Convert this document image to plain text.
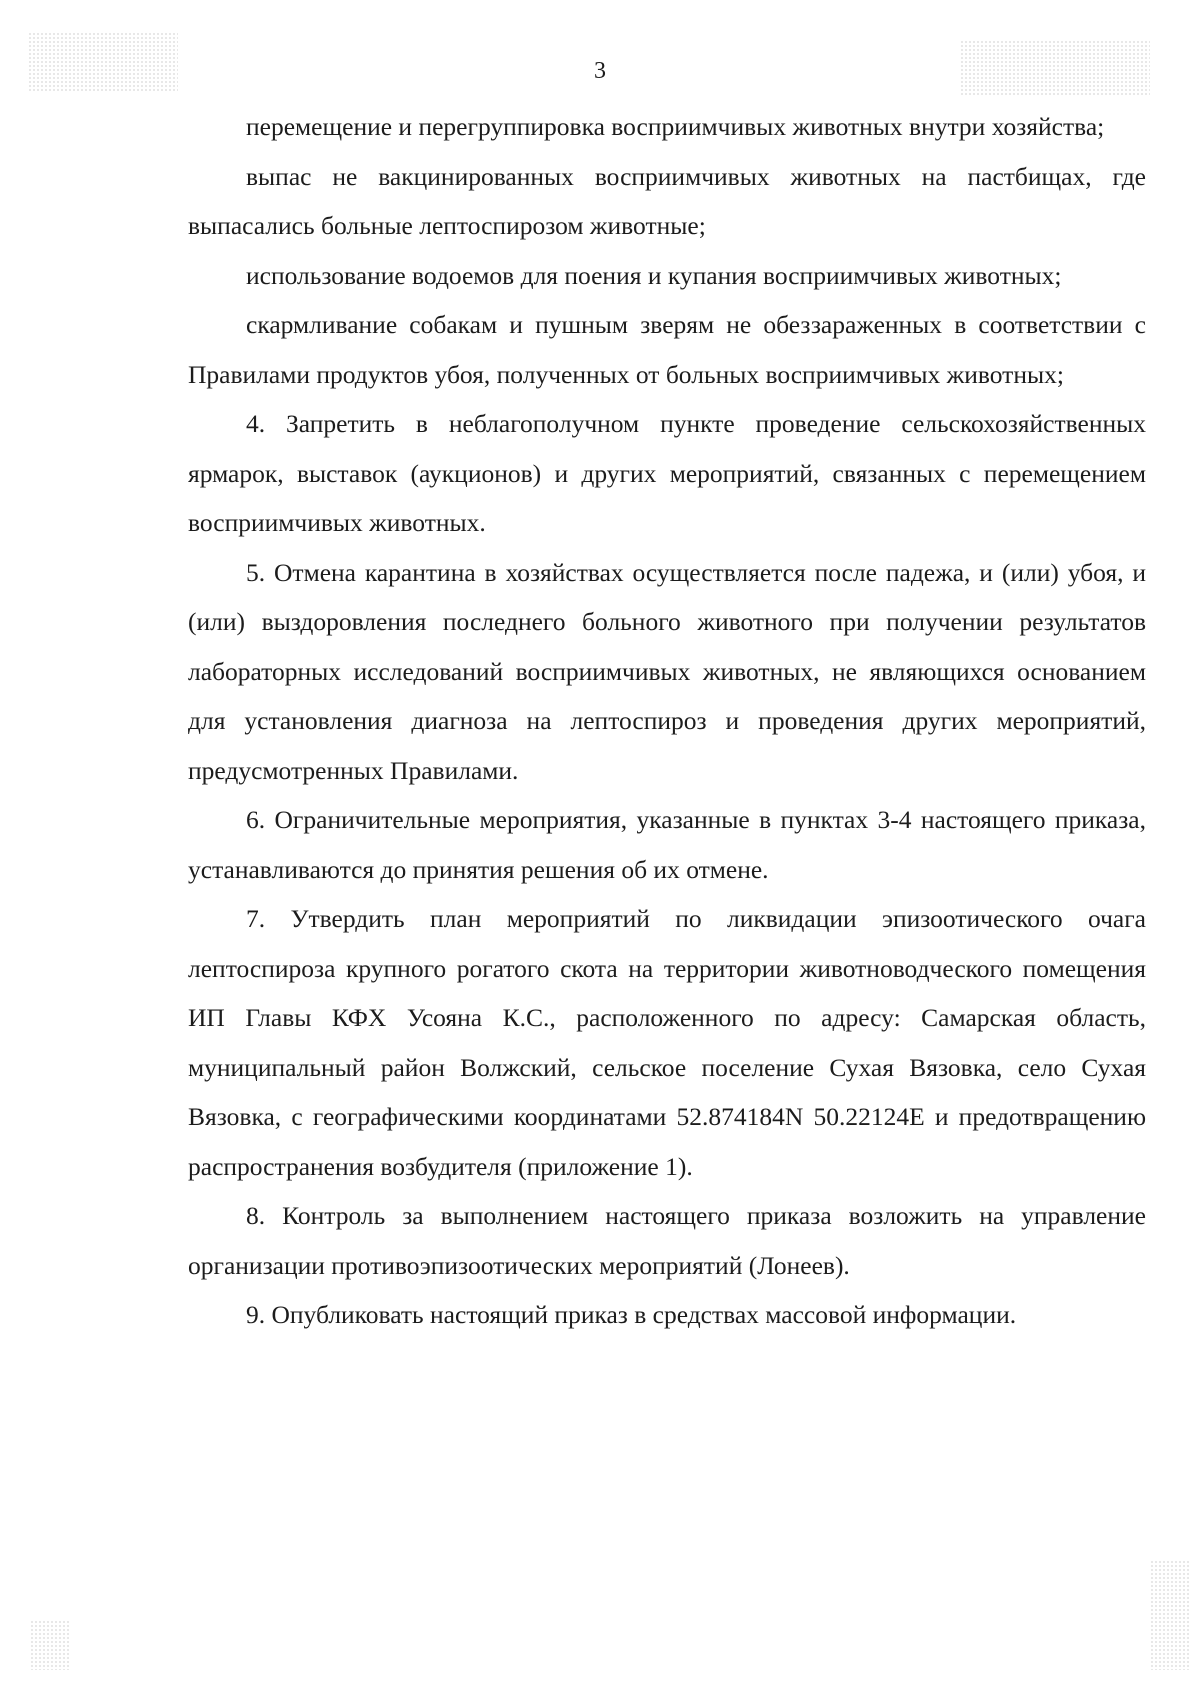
3

перемещение и перегруппировка восприимчивых животных внутри хозяйства;

выпас не вакцинированных восприимчивых животных на пастбищах, где выпасались больные лептоспирозом животные;

использование водоемов для поения и купания восприимчивых животных;

скармливание собакам и пушным зверям не обеззараженных в соответствии с Правилами продуктов убоя, полученных от больных восприимчивых животных;

4. Запретить в неблагополучном пункте проведение сельскохозяйственных ярмарок, выставок (аукционов) и других мероприятий, связанных с перемещением восприимчивых животных.

5. Отмена карантина в хозяйствах осуществляется после падежа, и (или) убоя, и (или) выздоровления последнего больного животного при получении результатов лабораторных исследований восприимчивых животных, не являющихся основанием для установления диагноза на лептоспироз и проведения других мероприятий, предусмотренных Правилами.

6. Ограничительные мероприятия, указанные в пунктах 3-4 настоящего приказа, устанавливаются до принятия решения об их отмене.

7. Утвердить план мероприятий по ликвидации эпизоотического очага лептоспироза крупного рогатого скота на территории животноводческого помещения ИП Главы КФХ Усояна К.С., расположенного по адресу: Самарская область, муниципальный район Волжский, сельское поселение Сухая Вязовка, село Сухая Вязовка, с географическими координатами 52.874184N 50.22124E и предотвращению распространения возбудителя (приложение 1).

8. Контроль за выполнением настоящего приказа возложить на управление организации противоэпизоотических мероприятий (Лонеев).

9. Опубликовать настоящий приказ в средствах массовой информации.
